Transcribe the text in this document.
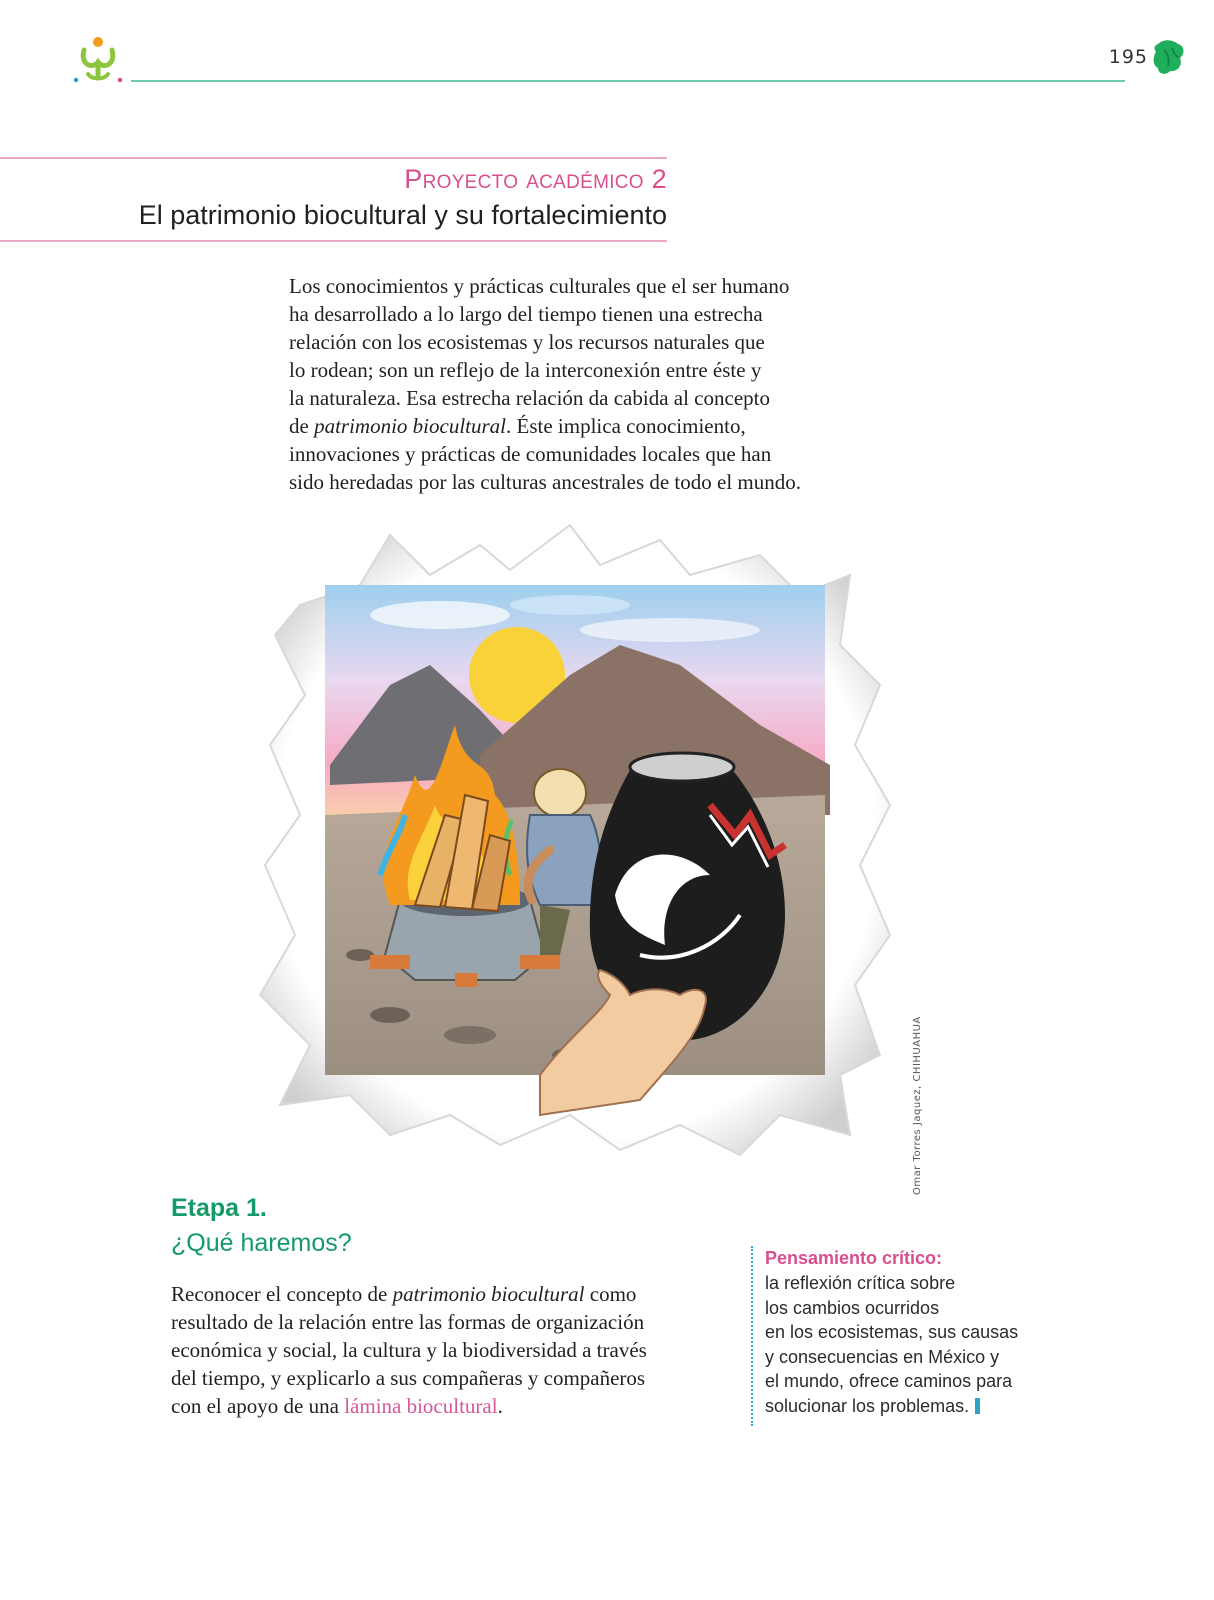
195
Proyecto académico 2
El patrimonio biocultural y su fortalecimiento
Los conocimientos y prácticas culturales que el ser humano
ha desarrollado a lo largo del tiempo tienen una estrecha
relación con los ecosistemas y los recursos naturales que
lo rodean; son un reflejo de la interconexión entre éste y
la naturaleza. Esa estrecha relación da cabida al concepto
de patrimonio biocultural. Éste implica conocimiento,
innovaciones y prácticas de comunidades locales que han
sido heredadas por las culturas ancestrales de todo el mundo.
Omar Torres Jaquez, CHIHUAHUA
Etapa 1.
¿Qué haremos?
Reconocer el concepto de patrimonio biocultural como
resultado de la relación entre las formas de organización
económica y social, la cultura y la biodiversidad a través
del tiempo, y explicarlo a sus compañeras y compañeros
con el apoyo de una lámina biocultural.
Pensamiento crítico:
la reflexión crítica sobre
los cambios ocurridos
en los ecosistemas, sus causas
y consecuencias en México y
el mundo, ofrece caminos para
solucionar los problemas.
